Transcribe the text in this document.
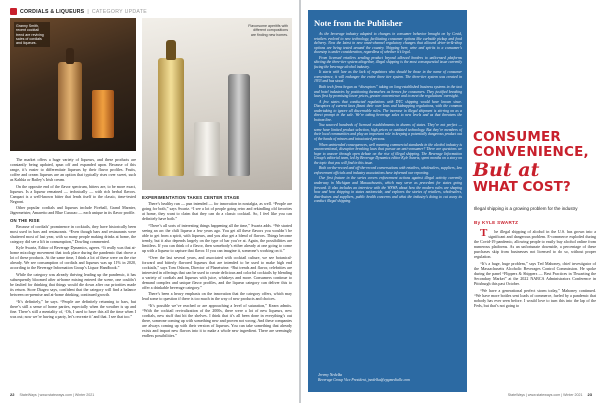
CORDIALS & LIQUEURS | CATEGORY UPDATE
Granny Smith, recent cocktail trend are reviving sales of cordials and liqueurs.
Flavorsome aperitifs with different compositions are finding new homes.

The market offers a huge variety of liqueurs, and these products are constantly being updated, spun off and expanded upon. Because of this range, it’s easier to differentiate liqueurs by their flavor profiles. Fruits, coffee and cream liqueurs are an option that typically rises over sweet, such as Kahlúa or Bailey’s Irish cream.

On the opposite end of the flavor spectrum, bitters are, to be more exact, liqueurs. Is a liqueur remained — technically — with rich herbal flavors. Campari is a well-known bitter that lends itself to the classic, time-tested Negroni.

Other popular cordials and liqueurs include Fireball, Grand Marnier, Jägermeister, Amaretto and Blue Curacao — each unique in its flavor profile.

ON THE RISE

Because of cordials’ prominence in cocktails, they have historically been most used in bars and restaurants. “Even though bars and restaurants were shuttered most of last year, with so many people making drinks at home, the category did see a lift in consumption,” Dowling commented.

Kyle Swartz, Editor of Beverage Dynamics, agrees. “It really was that at-home mixology movement that took place during the pandemic that drove a lot of these products. At the same time, I think a lot of these were on the rise already. We see consumption of cordials and liqueurs was up 11% in 2020, according to the Beverage Information Group’s Liquor Handbook.”

While the category was already thriving leading up the pandemic, it has subsequently bloomed after at-home mixing entered the scene, one couldn’t be faulted for thinking that things would die down after our priorities made its return. Store Diageo says, confident that the category will find a balance between on-premise and at-home drinking, continued growth.

“It’s definitely,” he says. “People are definitely returning to bars, but there’s still a sense of home parties, especially when the weather is up and fine. There’s still a mentality of, ‘Oh, I used to have this all the time when I was out; now we’re having a party, let’s recreate it’ and that. I see that too.”

EXPERIMENTATION TAKES CENTER STAGE

There’s healthy run — pun intended — for innovation in nostalgia, as well. “People are going for both,” says Swartz. “I see a lot of people going retro and rekindling old favorites at home, they want to claim that they can do a classic cocktail. So, I feel like you can definitely have both.”

“There’s all sorts of interesting things happening all the time,” Swartz adds. “We started seeing an arc the chili liqueur a few years ago. You get all these flavors you wouldn’t be able to get from a spirit, with liqueurs, and you also get a blend of flavors. Things become trendy, but it also depends largely on the type of bar you’re at. Again, the possibilities are limitless. If you can think of a flavor, then somebody’s either already at one going to come up with a liqueur to capture that flavor. If you can imagine it, someone’s working on it.”

“Over the last several years, and associated with cocktail culture, we see botanical-forward and bitterly flavored liqueurs that are intended to be used to make high end cocktails,” says Tom Osborn, Director of Planetwine. “But trends and flavor, celebrities are interested in offerings that can be used to create delicious and colorful cocktails by blending a variety of cordials and liqueurs with juice, whiskeys and more. Consumers continue to demand complex and unique flavor profiles, and the liqueur category can deliver this to offer a drinkable beverage category.”

There’s been a heavy emphasis on the innovation that the category offers, which may lead some to question if there is too much in the way of new products and choices.

“It’s possible we’ve reached or are approaching a level of saturation,” Kearn admits. “With the cocktail revivalization of the 2000s, there were a lot of new liqueurs, new cordials, new stuff that hit the shelves. I think that it’s all been done in everything’s out there, someone coming up with something new and proven not wrong. And these companies are always coming up with their version of liqueurs. You can take something that already exists and impart new flavors into it to make a whole new ingredient. There are seemingly endless possibilities.”

22 StateWays | www.stateways.com | Winter 2021
Note from the Publisher

As the beverage industry adapted to changes in consumer behavior brought on by Covid, retailers evolved to new technology, facilitating consumer options like curbside pickup and food delivery. Now the latest in new omni-channel regulatory changes that allowed drive-in-&-shop options are being tested around the country. Shipping beer, wine and spirits to a consumer’s doorstep is under consideration, regardless of whether it’s legal.

From licensed retailers sending product beyond allowed borders to unlicensed platforms skirting the three-tier system altogether, illegal shipping is the most consequential issue currently facing the beverage alcohol industry.

It starts with lure as the lack of regulators who should be those in the name of consumer convenience, it will endanger the entire three tier system. The three-tier system was created in 1933 and has stood.

Both tech firms began as “disruptors” taking on long-established business systems in the taxi and hotel industries by positioning themselves as heroes for consumers. They justified breaking laws first by promising lower prices, greater convenience and to meet the regulations’ oversight.

A few states that conducted regulations with DTC shipping would have known since. Disruptors of current laws flaunt their own laws and kidnapping regulations, with the common undertaking to ignore all discernable rules. The increase in illegal shipment is stirring on as a direct prompt in the sale. We’re taking beverage sales to new levels and as that threatens the bottom line.

You sourced hundreds of licensed establishments in dozens of states. They’re not perfect — some have limited product selection, high prices or outdated technology. But they’re members of their local communities and play an important role in keeping a potentially dangerous product out of the hands of minors and intoxicated persons.

When unintended consequences, well meaning commercial standards in the alcohol industry is unconventional, disruptive breaking laws that pursue an anti-consumer? There are questions we hope to answer through open debate on the rise of illegal shipping. The Beverage Information Group’s editorial team, led by Beverage Dynamics editor Kyle Swartz, spent months on a story on the topic that you will find in this issue.

Both on-the-record and off-the-record conversations with retailers, wholesalers, suppliers, law enforcement officials and industry associations have informed our reporting.

Our first feature in the series covers enforcement actions against illegal activity currently underway in Michigan and Massachusetts, which may serve as precedent for states going forward. It also includes an interview with the WSWA about how the modern rules are shaping how and how shipping in states nationwide, and explores the stories of retailers, wholesalers, distributors and suppliers, public health concerns and what the industry’s doing to cut away its conduct illegal shipping.

Jeremy Nedelka
Beverage Group Vice President, jnedelka@epgmediallc.com
CONSUMER
CONVENIENCE,
But at
WHAT COST?
Illegal shipping is a growing problem for the industry
By KYLE SWARTZ

The illegal shipping of alcohol in the U.S. has grown into a significant and dangerous problem. E-commerce exploded during the Covid-19 pandemic, allowing people to easily buy alcohol online from numerous platforms. As an unfortunate downside, a percentage of these purchases skip from businesses not licensed to do so, without proper regulation.

“It’s a huge, huge problem,” says Ted Mahoney, chief investigator of the Massachusetts Alcoholic Beverages Control Commission. He spoke during the panel “Flippers & Shippers — Best Practices in Thwarting the Secondary Market” at the 2022 NABCA Administrators Conference in Pittsburgh this past October.

“We have a generational perfect storm today,” Mahoney continued. “We have more bottles sent loads of commerce, fueled by a pandemic that nobody has ever seen before. I would love to turn this into the lap of the Feds, but that’s not going to

StateWays | www.stateways.com | Winter 2021 23
